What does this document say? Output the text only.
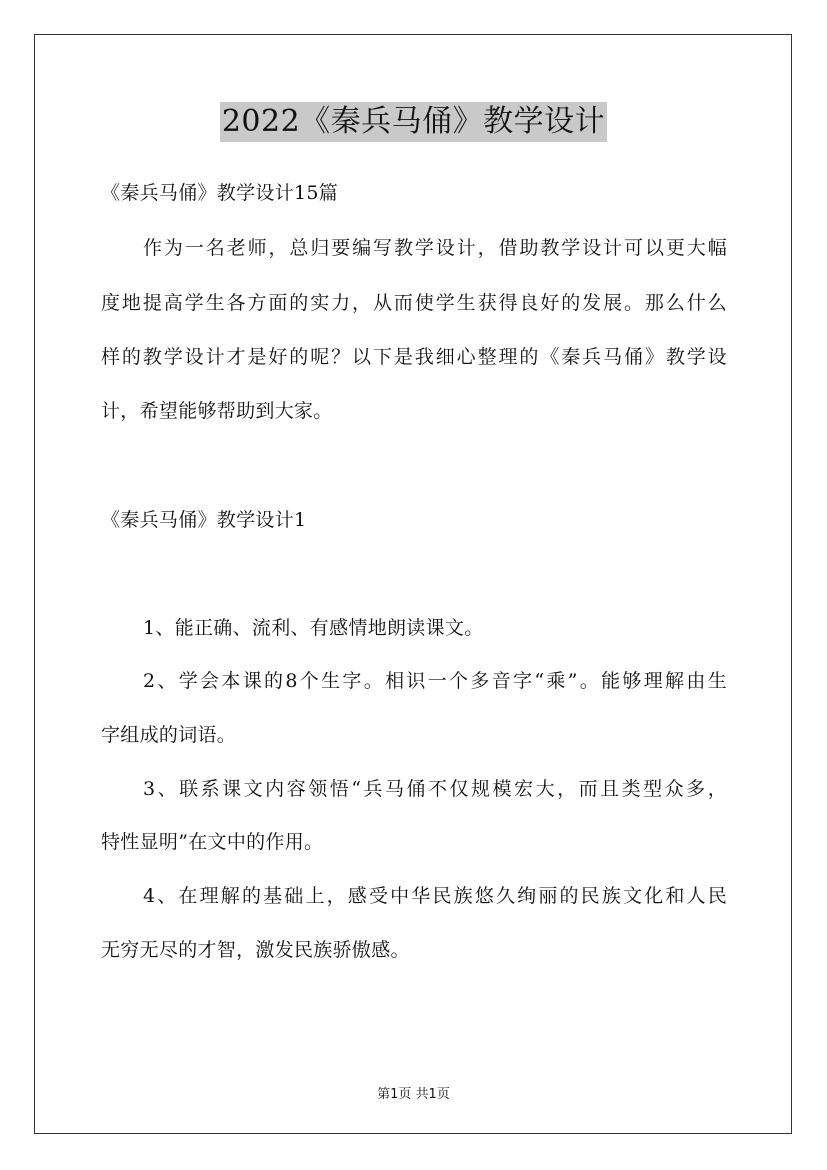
2022《秦兵马俑》教学设计
《秦兵马俑》教学设计15篇
作为一名老师，总归要编写教学设计，借助教学设计可以更大幅
度地提高学生各方面的实力，从而使学生获得良好的发展。那么什么
样的教学设计才是好的呢？以下是我细心整理的《秦兵马俑》教学设
计，希望能够帮助到大家。
《秦兵马俑》教学设计1
1、能正确、流利、有感情地朗读课文。
2、学会本课的8个生字。相识一个多音字“乘”。能够理解由生
字组成的词语。
3、联系课文内容领悟“兵马俑不仅规模宏大，而且类型众多，
特性显明”在文中的作用。
4、在理解的基础上，感受中华民族悠久绚丽的民族文化和人民
无穷无尽的才智，激发民族骄傲感。
第1页 共1页
